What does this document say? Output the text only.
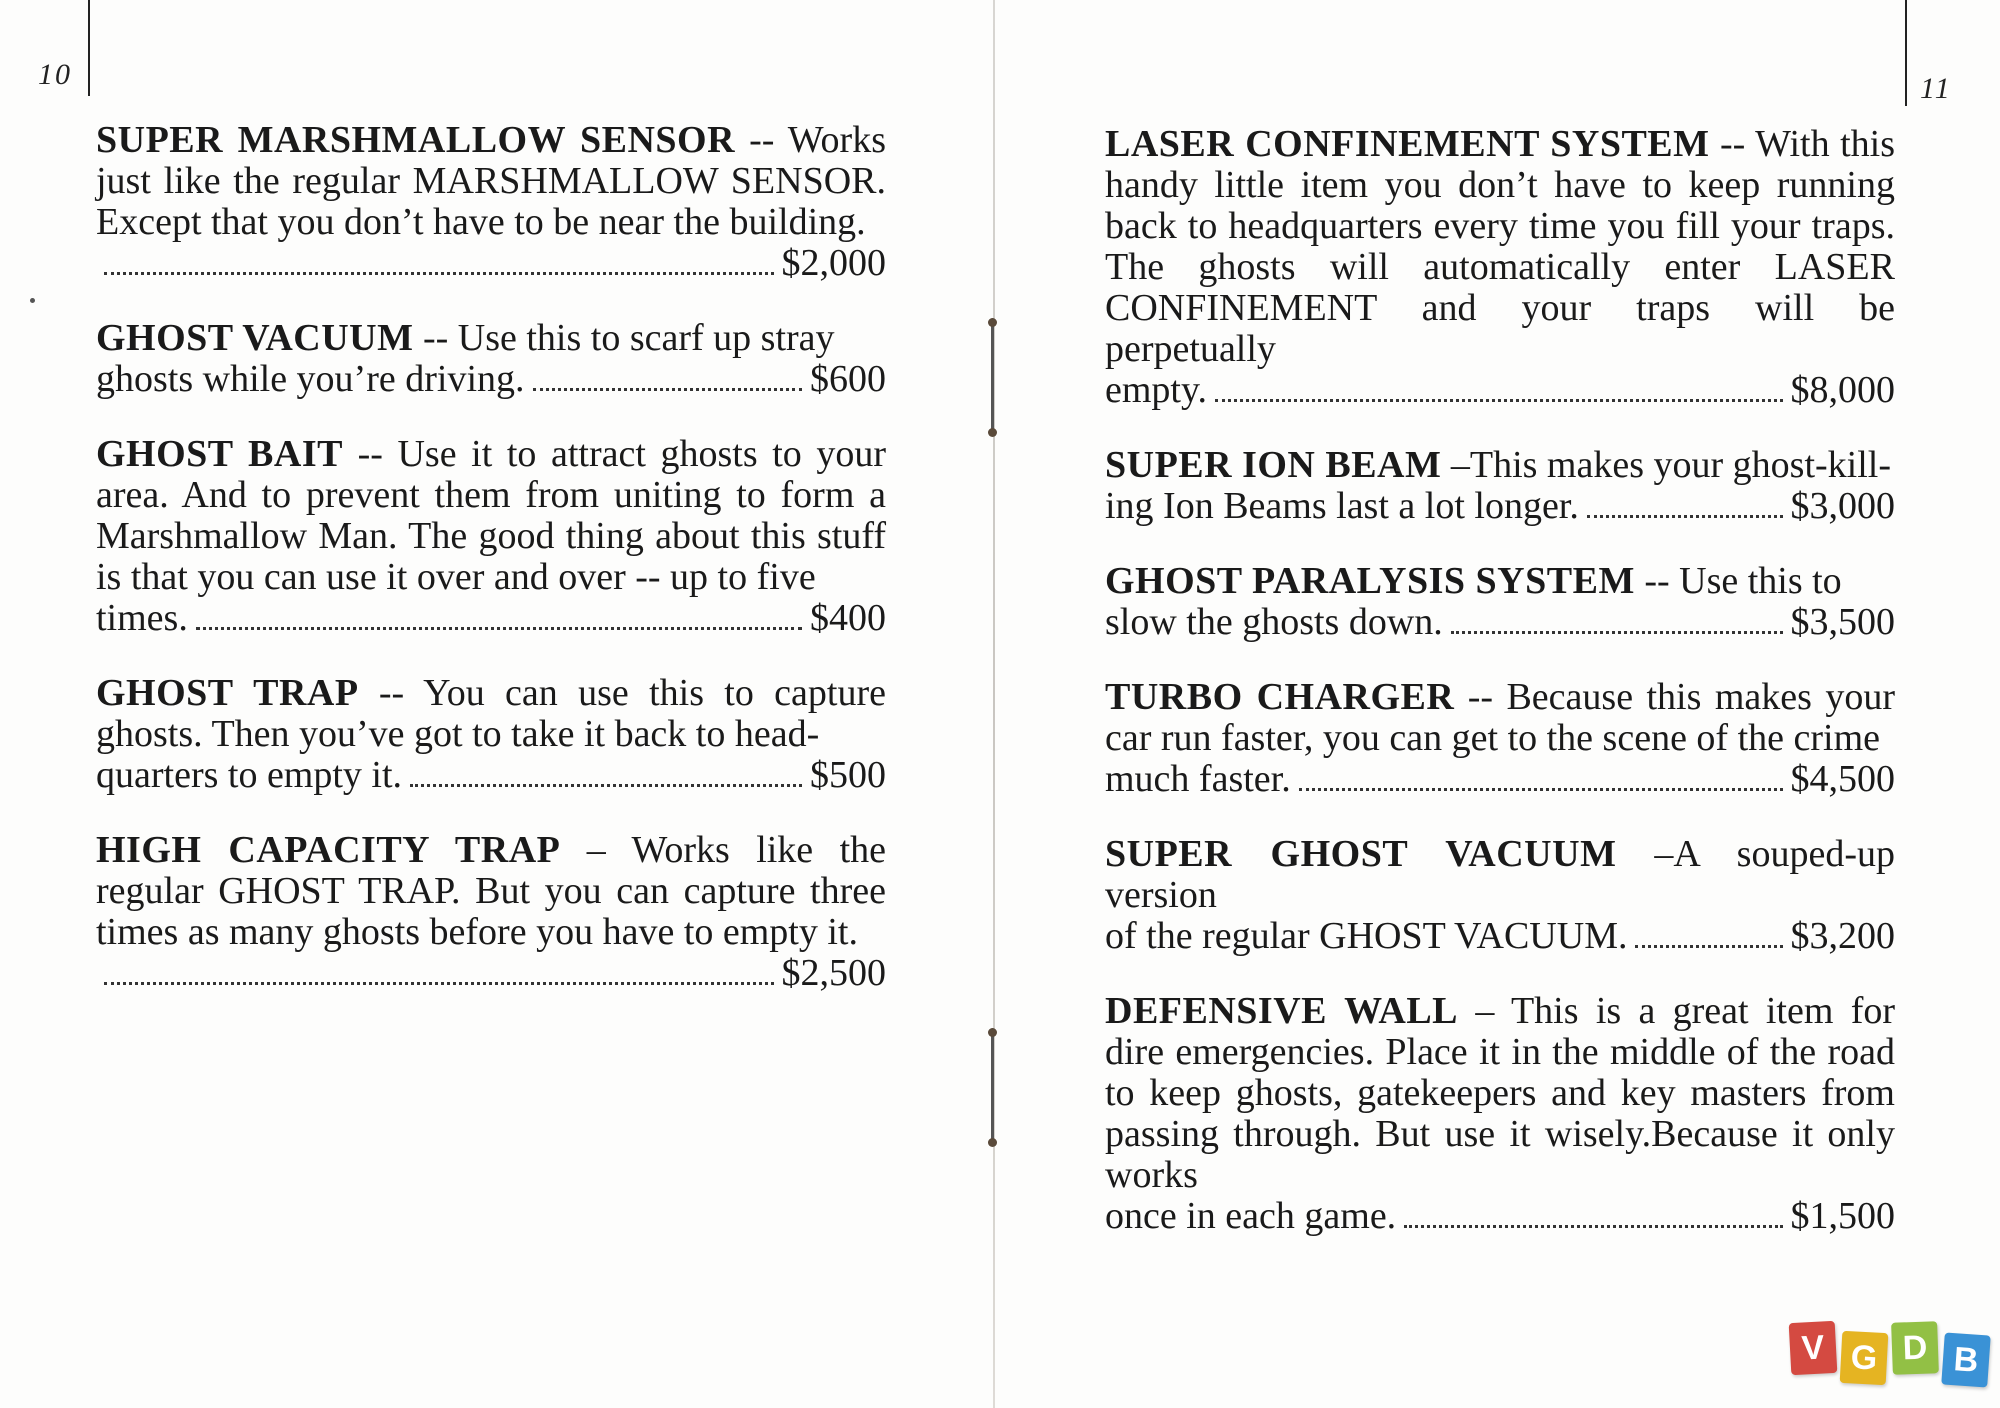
10

SUPER MARSHMALLOW SENSOR -- Works just like the regular MARSHMALLOW SENSOR. Except that you don’t have to be near the building.

$2,000

GHOST VACUUM -- Use this to scarf up stray

ghosts while you’re driving.	$600

GHOST BAIT -- Use it to attract ghosts to your area. And to prevent them from uniting to form a Marshmallow Man. The good thing about this stuff is that you can use it over and over -- up to five

times.	$400

GHOST TRAP -- You can use this to capture ghosts. Then you’ve got to take it back to head-

quarters to empty it.	$500

HIGH CAPACITY TRAP – Works like the regular GHOST TRAP. But you can capture three times as many ghosts before you have to empty it.

$2,500
11

LASER CONFINEMENT SYSTEM -- With this handy little item you don’t have to keep running back to headquarters every time you fill your traps. The ghosts will automatically enter LASER CONFINEMENT and your traps will be perpetually

empty.	$8,000

SUPER ION BEAM –This makes your ghost-kill-

ing Ion Beams last a lot longer.	$3,000

GHOST PARALYSIS SYSTEM -- Use this to

slow the ghosts down.	$3,500

TURBO CHARGER -- Because this makes your car run faster, you can get to the scene of the crime

much faster.	$4,500

SUPER GHOST VACUUM –A souped-up version

of the regular GHOST VACUUM.	$3,200

DEFENSIVE WALL – This is a great item for dire emergencies. Place it in the middle of the road to keep ghosts, gatekeepers and key masters from passing through. But use it wisely.Because it only works

once in each game.	$1,500
V G D B
